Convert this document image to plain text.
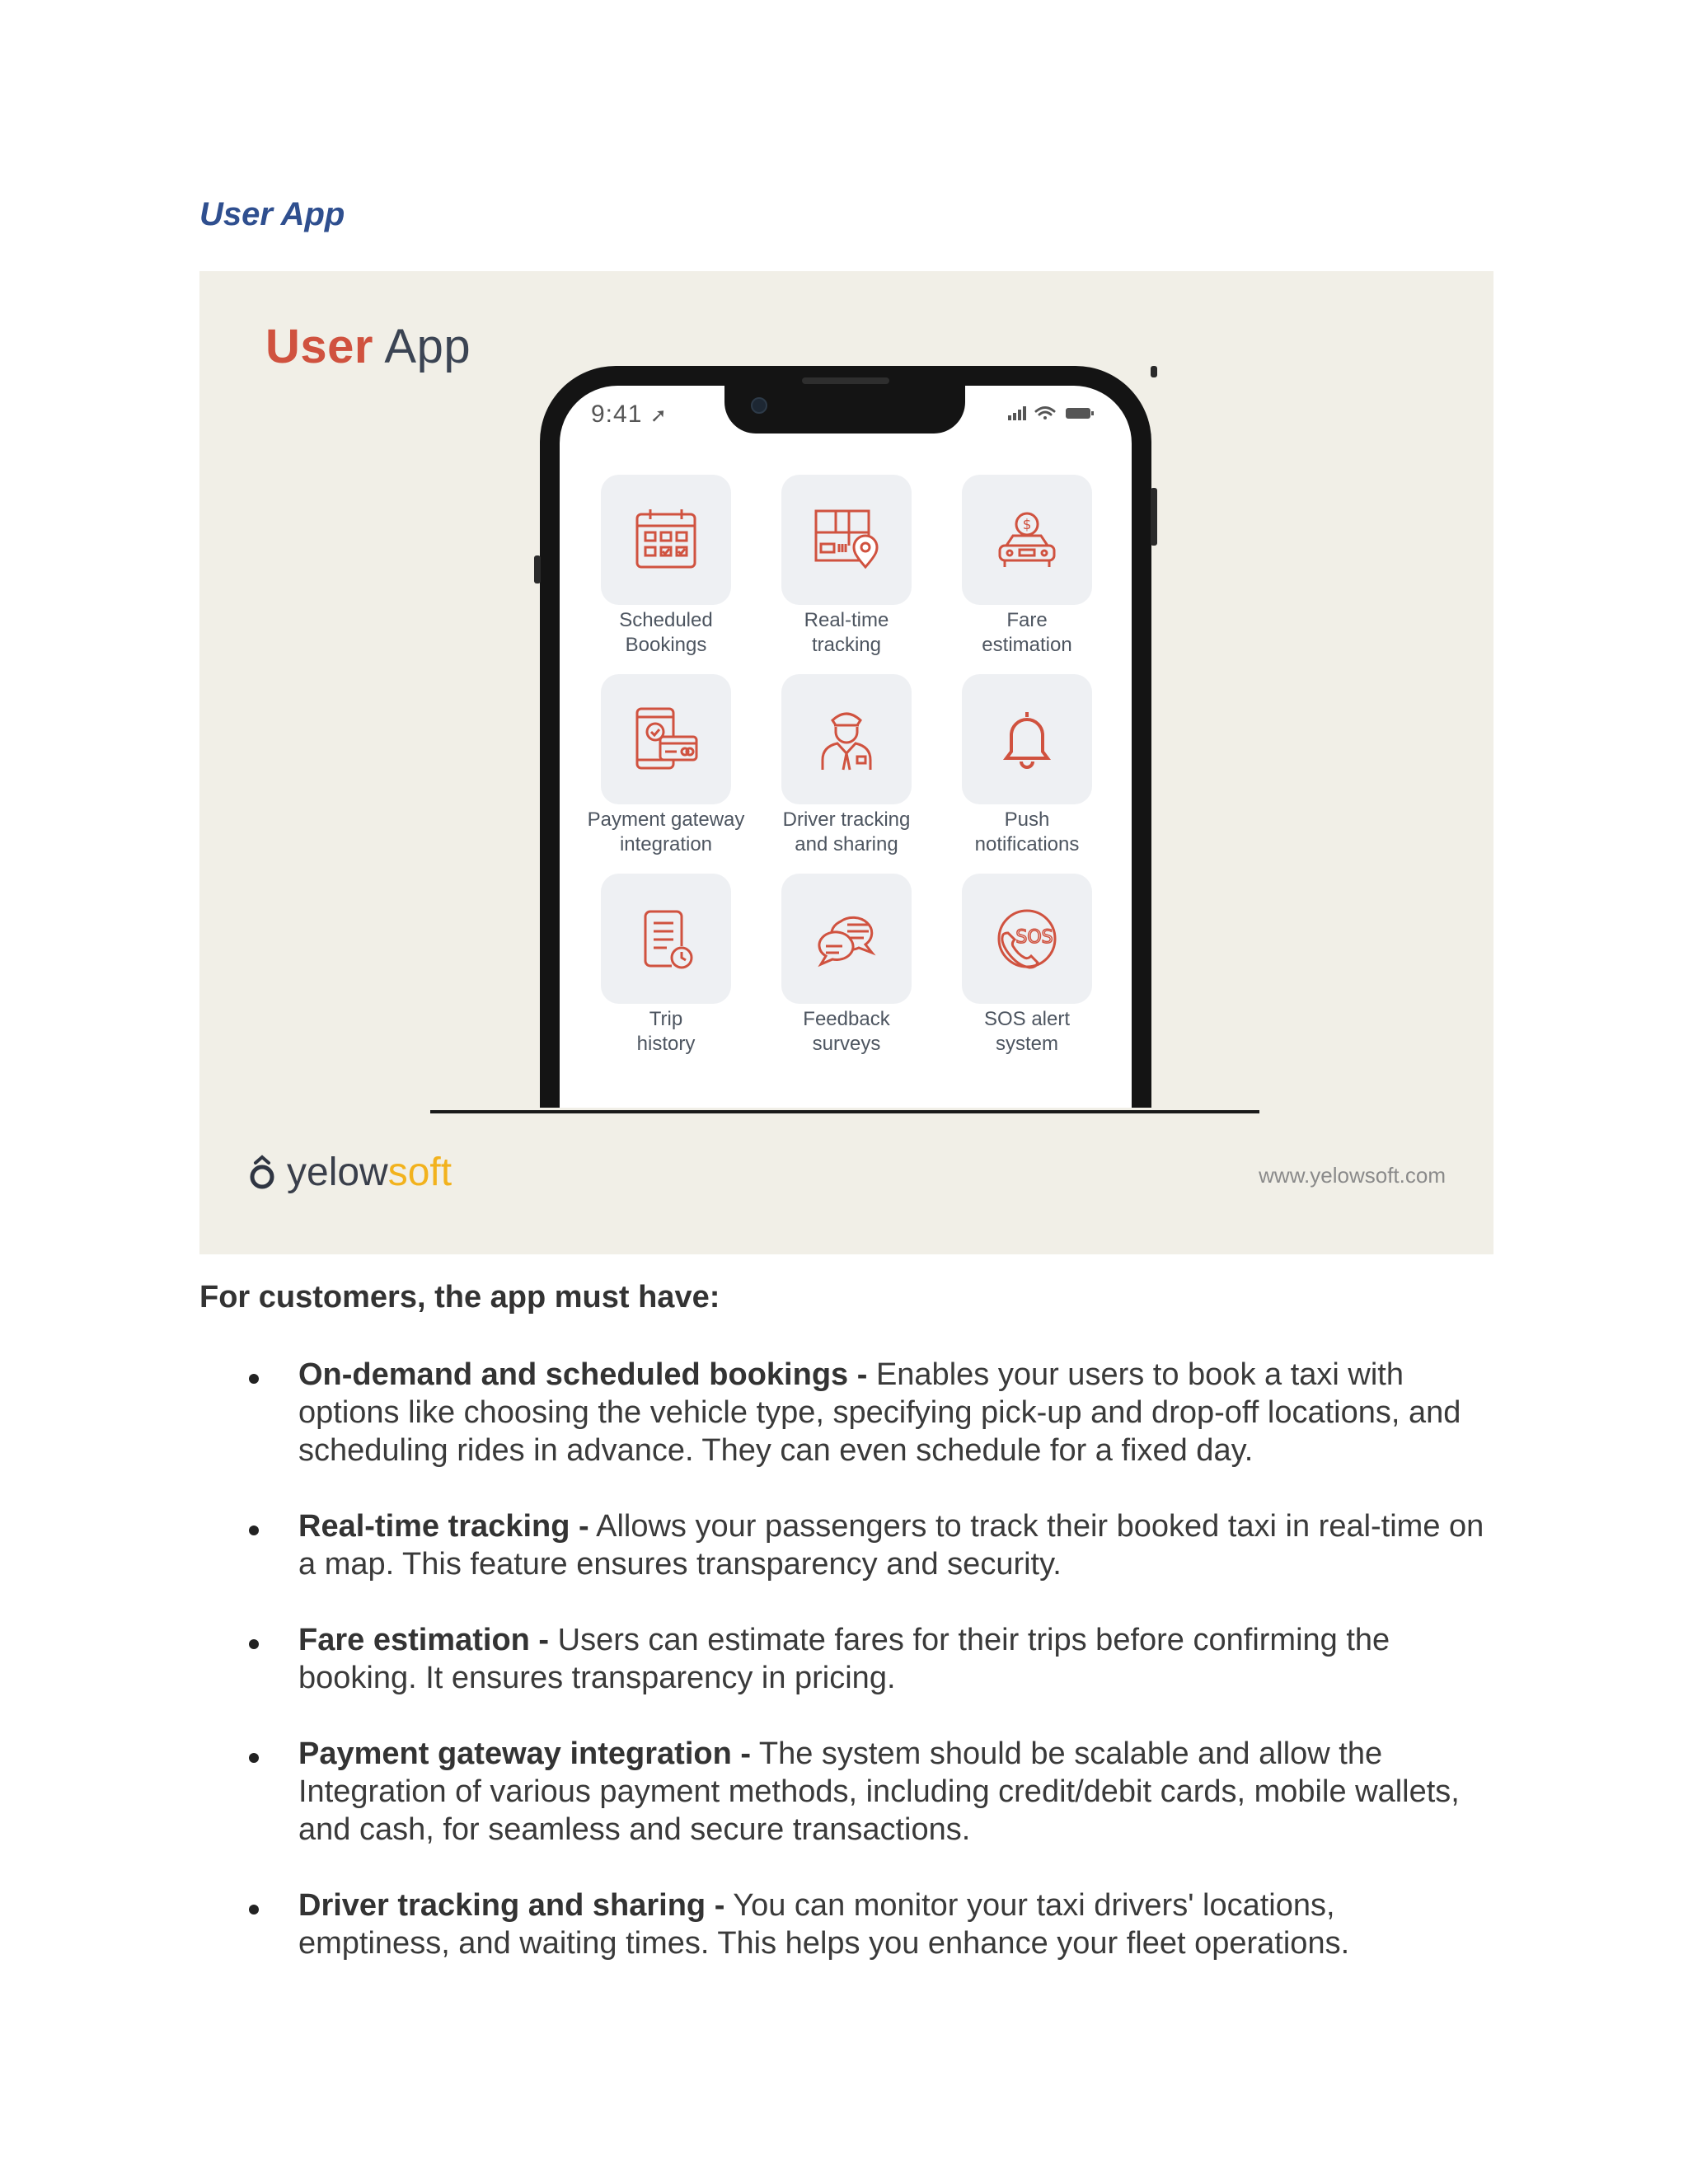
User App
User App
9:41 ➚
Scheduled
Bookings
Real-time
tracking
$
Fare
estimation
Payment gateway
integration
Driver tracking
and sharing
Push
notifications
Trip
history
Feedback
surveys
SOS
SOS alert
system
yelowsoft	www.yelowsoft.com
For customers, the app must have:
On-demand and scheduled bookings - Enables your users to book a taxi with options like choosing the vehicle type, specifying pick-up and drop-off locations, and scheduling rides in advance. They can even schedule for a fixed day.
Real-time tracking - Allows your passengers to track their booked taxi in real-time on a map. This feature ensures transparency and security.
Fare estimation - Users can estimate fares for their trips before confirming the booking. It ensures transparency in pricing.
Payment gateway integration - The system should be scalable and allow the Integration of various payment methods, including credit/debit cards, mobile wallets, and cash, for seamless and secure transactions.
Driver tracking and sharing - You can monitor your taxi drivers' locations, emptiness, and waiting times. This helps you enhance your fleet operations.
